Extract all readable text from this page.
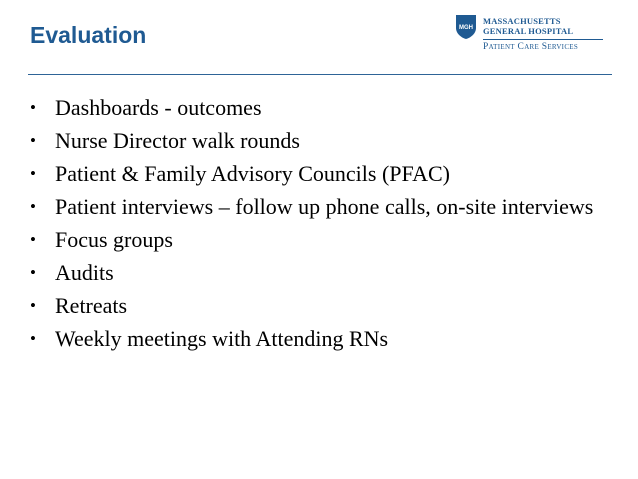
Evaluation	MGH
MASSACHUSETTS
GENERAL HOSPITAL
Patient Care Services
• Dashboards - outcomes
• Nurse Director walk rounds
• Patient & Family Advisory Councils (PFAC)
• Patient interviews – follow up phone calls, on-site interviews
• Focus groups
• Audits
• Retreats
• Weekly meetings with Attending RNs
